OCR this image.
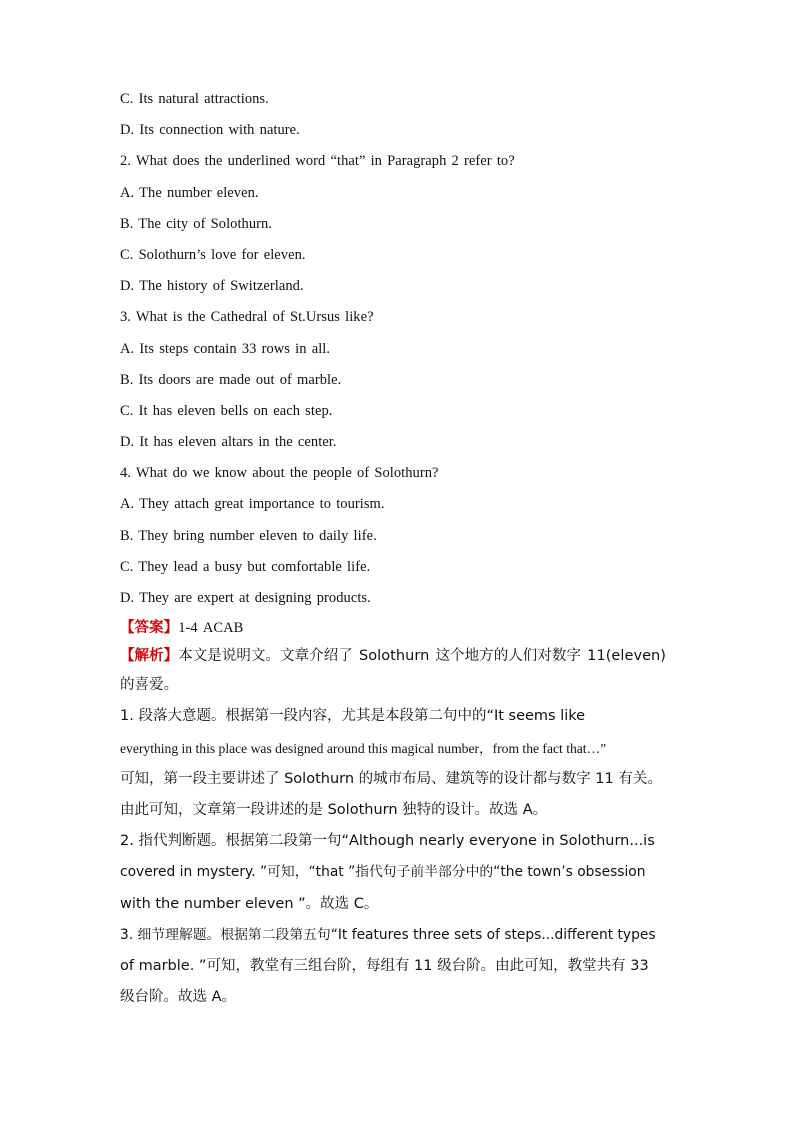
C. Its natural attractions.
D. Its connection with nature.
2. What does the underlined word “that” in Paragraph 2 refer to?
A. The number eleven.
B. The city of Solothurn.
C. Solothurn’s love for eleven.
D. The history of Switzerland.
3. What is the Cathedral of St.Ursus like?
A. Its steps contain 33 rows in all.
B. Its doors are made out of marble.
C. It has eleven bells on each step.
D. It has eleven altars in the center.
4. What do we know about the people of Solothurn?
A. They attach great importance to tourism.
B. They bring number eleven to daily life.
C. They lead a busy but comfortable life.
D. They are expert at designing products.
【答案】1-4 ACAB
【解析】本文是说明文。文章介绍了 Solothurn 这个地方的人们对数字 11(eleven)
的喜爱。
1. 段落大意题。根据第一段内容，尤其是本段第二句中的“It seems like
everything in this place was designed around this magical number，from the fact that…”
可知，第一段主要讲述了 Solothurn 的城市布局、建筑等的设计都与数字 11 有关。
由此可知，文章第一段讲述的是 Solothurn 独特的设计。故选 A。
2. 指代判断题。根据第二段第一句“Although nearly everyone in Solothurn...is
covered in mystery. ”可知，“that ”指代句子前半部分中的“the town’s obsession
with the number eleven ”。故选 C。
3. 细节理解题。根据第二段第五句“It features three sets of steps...different types
of marble. ”可知，教堂有三组台阶，每组有 11 级台阶。由此可知，教堂共有 33
级台阶。故选 A。
